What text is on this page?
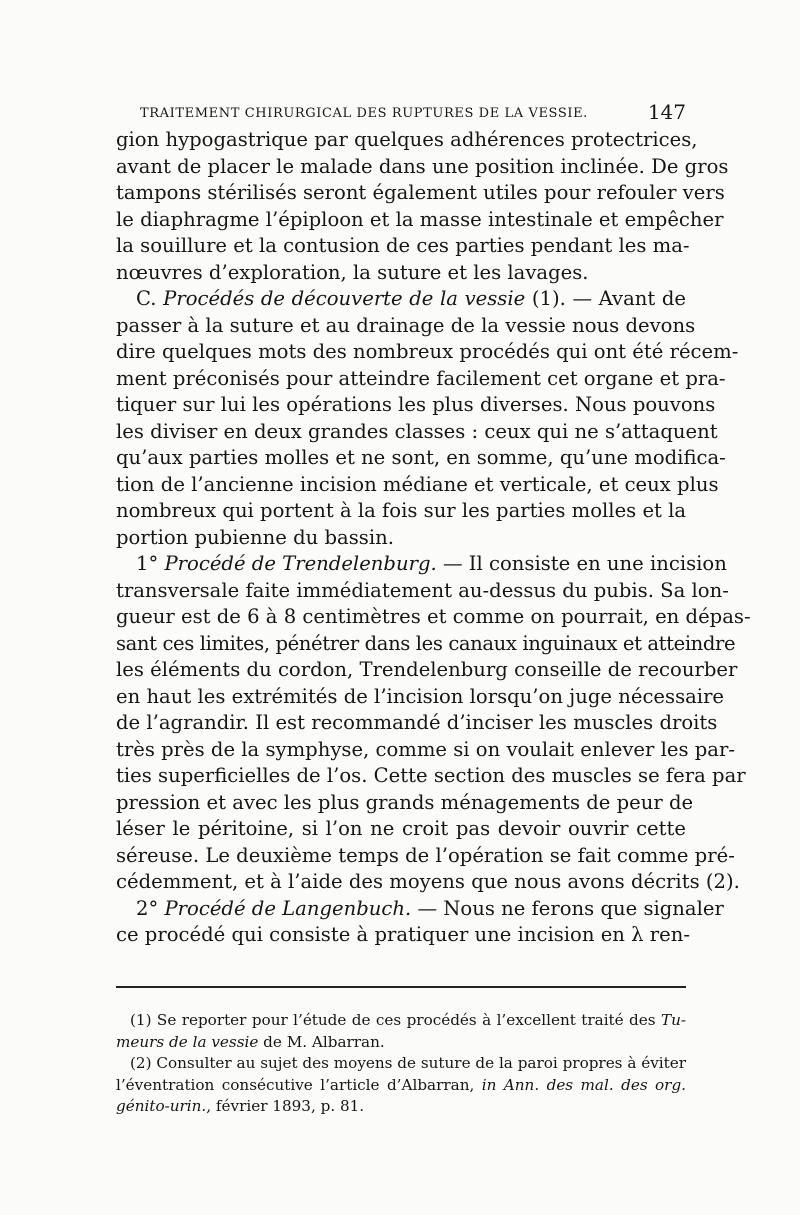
TRAITEMENT CHIRURGICAL DES RUPTURES DE LA VESSIE.	147
gion hypogastrique par quelques adhérences protectrices,
avant de placer le malade dans une position inclinée. De gros
tampons stérilisés seront également utiles pour refouler vers
le diaphragme l’épiploon et la masse intestinale et empêcher
la souillure et la contusion de ces parties pendant les ma-
nœuvres d’exploration, la suture et les lavages.
C. Procédés de découverte de la vessie (1). — Avant de
passer à la suture et au drainage de la vessie nous devons
dire quelques mots des nombreux procédés qui ont été récem-
ment préconisés pour atteindre facilement cet organe et pra-
tiquer sur lui les opérations les plus diverses. Nous pouvons
les diviser en deux grandes classes : ceux qui ne s’attaquent
qu’aux parties molles et ne sont, en somme, qu’une modifica-
tion de l’ancienne incision médiane et verticale, et ceux plus
nombreux qui portent à la fois sur les parties molles et la
portion pubienne du bassin.
1° Procédé de Trendelenburg. — Il consiste en une incision
transversale faite immédiatement au-dessus du pubis. Sa lon-
gueur est de 6 à 8 centimètres et comme on pourrait, en dépas-
sant ces limites, pénétrer dans les canaux inguinaux et atteindre
les éléments du cordon, Trendelenburg conseille de recourber
en haut les extrémités de l’incision lorsqu’on juge nécessaire
de l’agrandir. Il est recommandé d’inciser les muscles droits
très près de la symphyse, comme si on voulait enlever les par-
ties superficielles de l’os. Cette section des muscles se fera par
pression et avec les plus grands ménagements de peur de
léser le péritoine, si l’on ne croit pas devoir ouvrir cette
séreuse. Le deuxième temps de l’opération se fait comme pré-
cédemment, et à l’aide des moyens que nous avons décrits (2).
2° Procédé de Langenbuch. — Nous ne ferons que signaler
ce procédé qui consiste à pratiquer une incision en λ ren-
(1) Se reporter pour l’étude de ces procédés à l’excellent traité des Tu-
meurs de la vessie de M. Albarran.
(2) Consulter au sujet des moyens de suture de la paroi propres à éviter
l’éventration consécutive l’article d’Albarran, in Ann. des mal. des org.
génito-urin., février 1893, p. 81.
